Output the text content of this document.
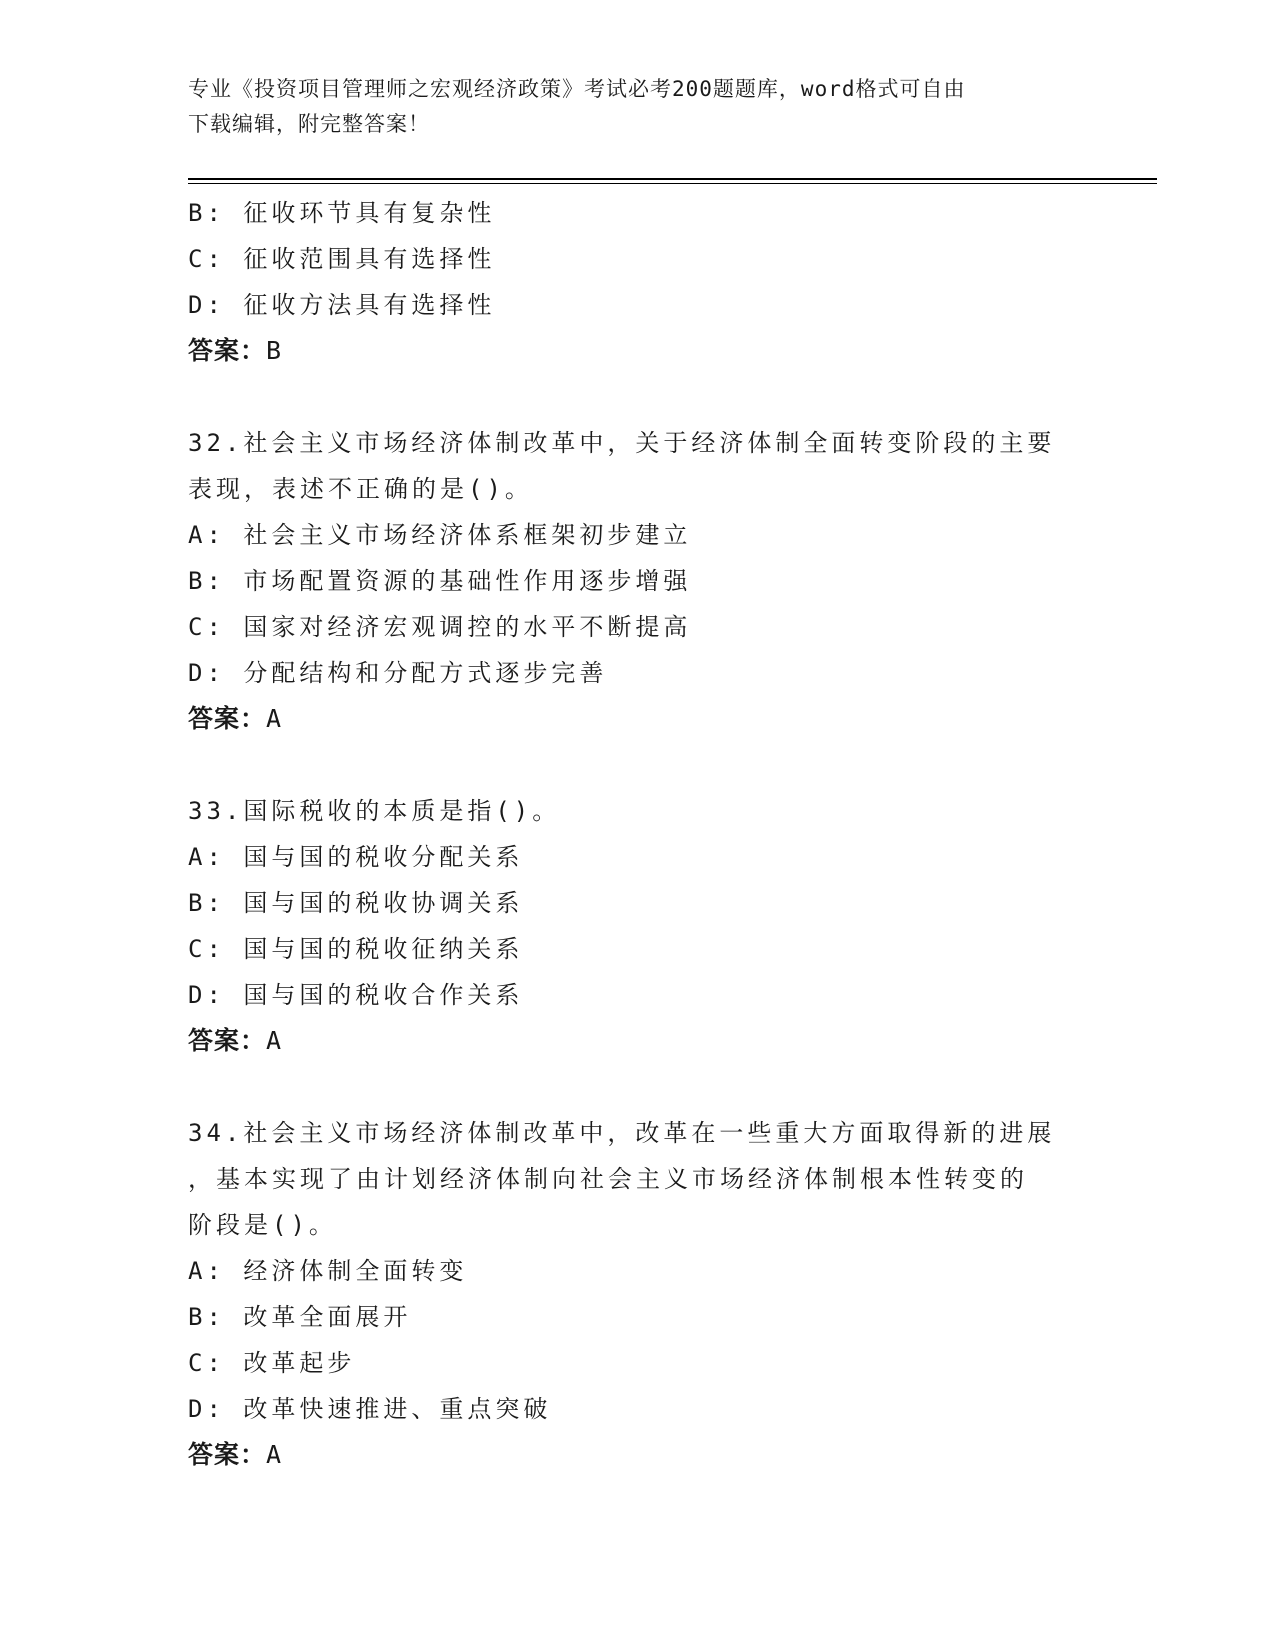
专业《投资项目管理师之宏观经济政策》考试必考200题题库，word格式可自由
下载编辑，附完整答案！
B: 征收环节具有复杂性
C: 征收范围具有选择性
D: 征收方法具有选择性
答案：B
32.社会主义市场经济体制改革中，关于经济体制全面转变阶段的主要
表现，表述不正确的是()。
A: 社会主义市场经济体系框架初步建立
B: 市场配置资源的基础性作用逐步增强
C: 国家对经济宏观调控的水平不断提高
D: 分配结构和分配方式逐步完善
答案：A
33.国际税收的本质是指()。
A: 国与国的税收分配关系
B: 国与国的税收协调关系
C: 国与国的税收征纳关系
D: 国与国的税收合作关系
答案：A
34.社会主义市场经济体制改革中，改革在一些重大方面取得新的进展
，基本实现了由计划经济体制向社会主义市场经济体制根本性转变的
阶段是()。
A: 经济体制全面转变
B: 改革全面展开
C: 改革起步
D: 改革快速推进、重点突破
答案：A
